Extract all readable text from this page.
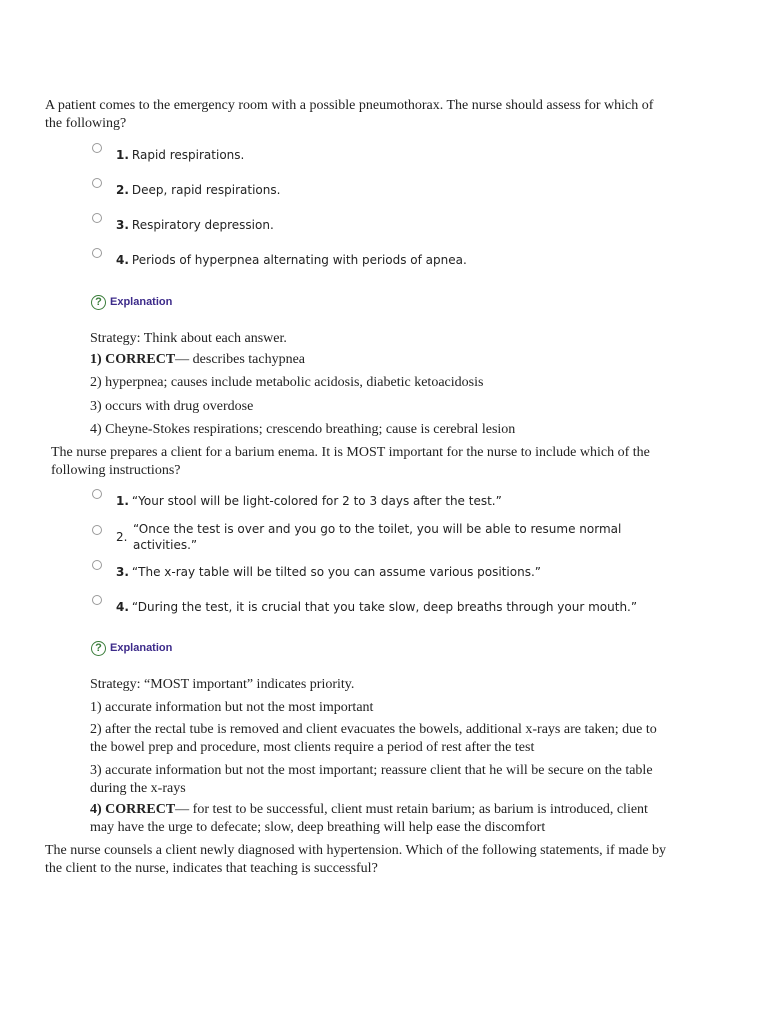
A patient comes to the emergency room with a possible pneumothorax. The nurse should assess for which of the following?
1. Rapid respirations.
2. Deep, rapid respirations.
3. Respiratory depression.
4. Periods of hyperpnea alternating with periods of apnea.
? Explanation
Strategy: Think about each answer.
1) CORRECT— describes tachypnea
2) hyperpnea; causes include metabolic acidosis, diabetic ketoacidosis
3) occurs with drug overdose
4) Cheyne-Stokes respirations; crescendo breathing; cause is cerebral lesion
The nurse prepares a client for a barium enema. It is MOST important for the nurse to include which of the following instructions?
1. “Your stool will be light-colored for 2 to 3 days after the test.”
2.
“Once the test is over and you go to the toilet, you will be able to resume normal activities.”
3. “The x-ray table will be tilted so you can assume various positions.”
4. “During the test, it is crucial that you take slow, deep breaths through your mouth.”
? Explanation
Strategy: “MOST important” indicates priority.
1) accurate information but not the most important
2) after the rectal tube is removed and client evacuates the bowels, additional x-rays are taken; due to the bowel prep and procedure, most clients require a period of rest after the test
3) accurate information but not the most important; reassure client that he will be secure on the table during the x-rays
4) CORRECT— for test to be successful, client must retain barium; as barium is introduced, client may have the urge to defecate; slow, deep breathing will help ease the discomfort
The nurse counsels a client newly diagnosed with hypertension. Which of the following statements, if made by the client to the nurse, indicates that teaching is successful?
